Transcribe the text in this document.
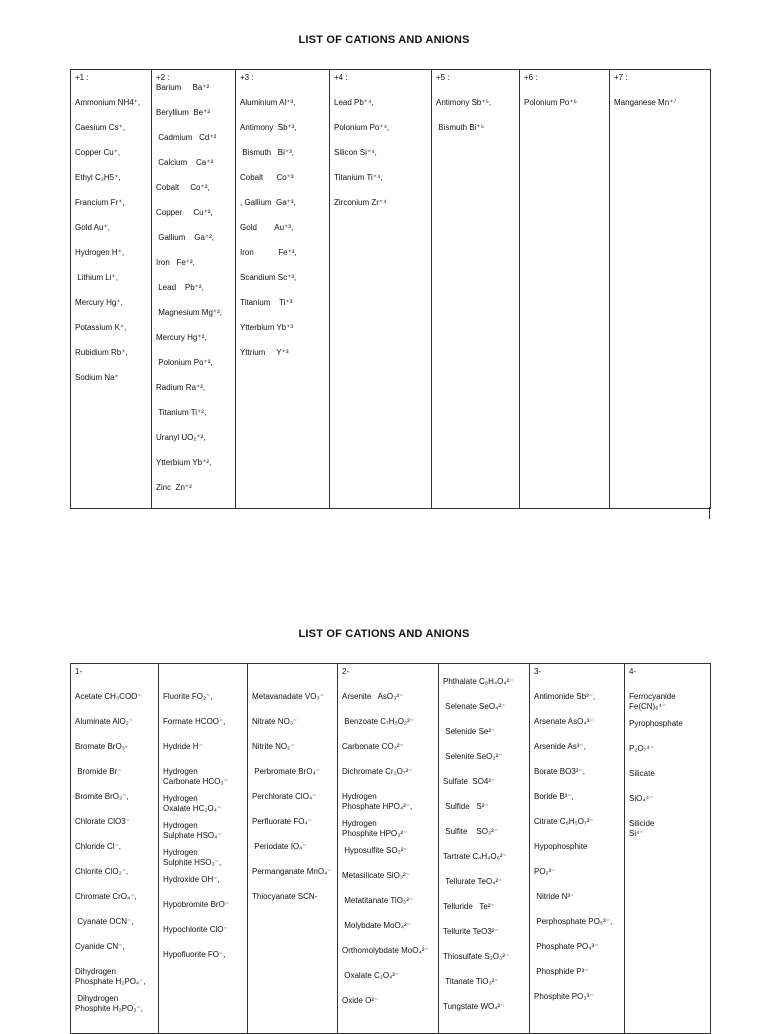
LIST OF CATIONS AND ANIONS
+1 :
Ammonium NH4⁺,
Caesium Cs⁺,
Copper Cu⁺,
Ethyl C₂H5⁺,
Francium Fr⁺,
Gold Au⁺,
Hydrogen H⁺,
Lithium Li⁺,
Mercury Hg⁺,
Potassium K⁺,
Rubidium Rb⁺,
Sodium Na⁺

+2 :
Barium     Ba⁺²
Beryllium  Be⁺²
Cadmium   Cd⁺²
Calcium    Ca⁺²
Cobalt     Co⁺²,
Copper     Cu⁺²,
Gallium    Ga⁺²,
Iron   Fe⁺²,
Lead    Pb⁺²,
Magnesium Mg⁺²,
Mercury Hg⁺²,
Polonium Po⁺²,
Radium Ra⁺²,
Titanium Ti⁺²,
Uranyl UO₂⁺²,
Ytterbium Yb⁺²,
Zinc  Zn⁺²

+3 :
Aluminium Al⁺³,
Antimony  Sb⁺³,
Bismuth   Bi⁺³,
Cobalt      Co⁺³
, Gallium  Ga⁺³,
Gold        Au⁺³,
Iron           Fe⁺³,
Scandium Sc⁺³,
Titanium    Ti⁺³
Ytterbium Yb⁺³
Yttrium     Y⁺³

+4 :
Lead Pb⁺⁴,
Polonium Po⁺⁴,
Silicon Si⁺⁴,
Titanium Ti⁺⁴,
Zirconium Zr⁺⁴

+5 :
Antimony Sb⁺⁵,
Bismuth Bi⁺⁵

+6 :
Polonium Po⁺⁶

+7 :
Manganese Mn⁺⁷
LIST OF CATIONS AND ANIONS
1-
Acetate CH₃COO⁻
Aluminate AlO₂⁻
Bromate BrO₃-
Bromide Br⁻
Bromite BrO₂⁻,
Chlorate ClO3⁻
Chloride Cl⁻,
Chlorite ClO₂⁻,
Chromate CrO₄⁻,
Cyanate OCN⁻,
Cyanide CN⁻,
Dihydrogen
Phosphate H₂PO₄⁻,
Dihydrogen
Phosphite H₂PO₃⁻,

Fluorite FO₂⁻,
Formate HCOO⁻,
Hydride H⁻
Hydrogen
Carbonate HCO₃⁻
Hydrogen
Oxalate HC₂O₄⁻
Hydrogen
Sulphate HSO₄⁻
Hydrogen
Sulphite HSO₃⁻,
Hydroxide OH⁻,
Hypobromite BrO⁻
Hypochlorite ClO⁻
Hypofluorite FO⁻,

Metavanadate VO₃⁻
Nitrate NO₃⁻
Nitrite NO₂⁻
Perbromate BrO₄⁻
Perchlorate ClO₄⁻
Perfluorate FO₄⁻
Periodate IO₄⁻
Permanganate MnO₄⁻
Thiocyanate SCN-

2-
Arsenite   AsO₃²⁻
Benzoate C₇H₅O₂²⁻
Carbonate CO₃²⁻
Dichromate Cr₂O₇²⁻
Hydrogen
Phosphate HPO₄²⁻,
Hydrogen
Phosphite HPO₃²⁻
Hyposulfite SO₂²⁻
Metasilicate SiO₃²⁻
Metatitanate TiO₃²⁻
Molybdate MoO₄²⁻
Orthomolybdate MoO₄²⁻
Oxalate C₂O₄²⁻
Oxide O²⁻

Phthalate C₈H₄O₄²⁻
Selenate SeO₄²⁻
Selenide Se²⁻
Selenite SeO₃²⁻
Sulfate  SO4²⁻
Sulfide   S²⁻
Sulfite    SO₃²⁻
Tartrate C₄H₄O₆²⁻
Tellurate TeO₄²⁻
Telluride   Te²⁻
Tellurite TeO3²⁻
Thiosulfate S₂O₃²⁻
Titanate TiO₃²⁻
Tungstate WO₄²⁻

3-
Antimonide Sb³⁻,
Arsenate AsO₄³⁻
Arsenide As³⁻,
Borate BO3³⁻,
Boride B³⁻,
Citrate C₆H₅O₇³⁻
Hypophosphite
PO₂³⁻
Nitride N³⁻
Perphosphate PO₅³⁻,
Phosphate PO₄³⁻
Phosphide P³⁻
Phosphite PO₃³⁻

4-
Ferrocyanide
Fe(CN)₆⁴⁻
Pyrophosphate
P₂O₇⁴⁻
Silicate
SiO₄⁴⁻
Silicide
Si⁴⁻
